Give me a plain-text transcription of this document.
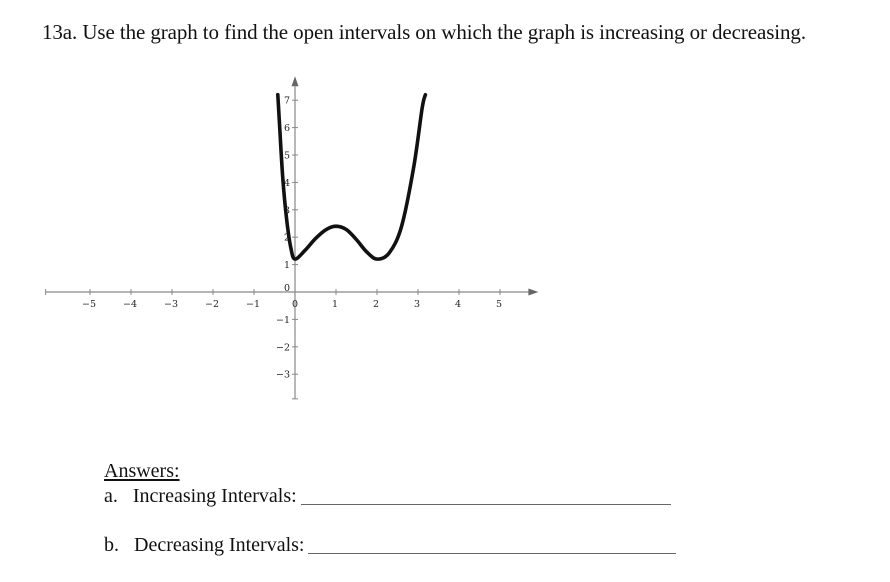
13a. Use the graph to find the open intervals on which the graph is increasing or decreasing.
−5	−4	−3	−2	−1	0	1	2	3	4	5
7
6
5
4
3
2
1
0
−1
−2
−3
Answers:
a.  Increasing Intervals:
b.  Decreasing Intervals:
